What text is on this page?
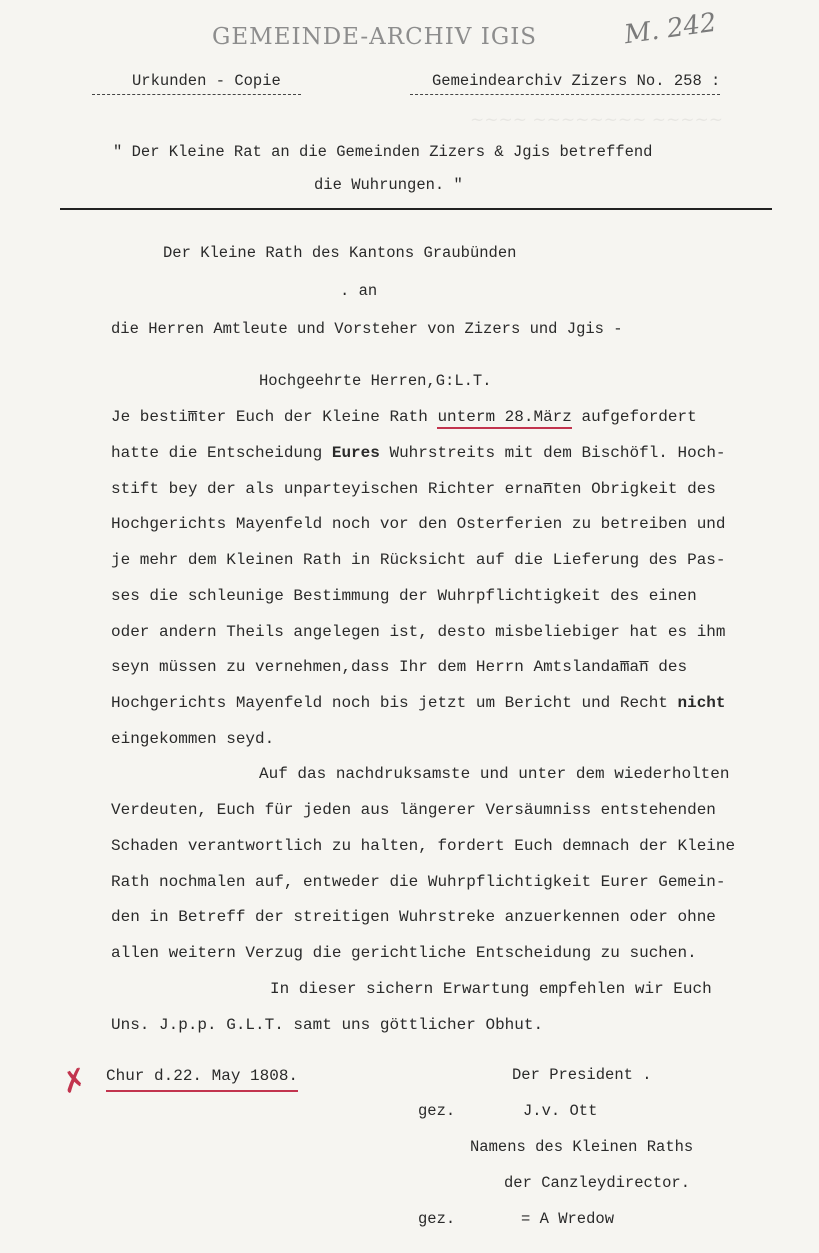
~~~~ ~~~~~~~~ ~~~~~
GEMEINDE-ARCHIV IGIS	M. 242
Urkunden - Copie	Gemeindearchiv Zizers No. 258 :
" Der Kleine Rat an die Gemeinden Zizers & Jgis betreffend
die Wuhrungen. "
Der Kleine Rath des Kantons Graubünden
. an
die Herren Amtleute und Vorsteher von Zizers und Jgis -
Hochgeehrte Herren,G:L.T.
Je bestim̅ter Euch der Kleine Rath unterm 28.März aufgefordert
hatte die Entscheidung Eures Wuhrstreits mit dem Bischöfl. Hoch-
stift bey der als unparteyischen Richter ernan̅ten Obrigkeit des
Hochgerichts Mayenfeld noch vor den Osterferien zu betreiben und
je mehr dem Kleinen Rath in Rücksicht auf die Lieferung des Pas-
ses die schleunige Bestimmung der Wuhrpflichtigkeit des einen
oder andern Theils angelegen ist, desto misbeliebiger hat es ihm
seyn müssen zu vernehmen,dass Ihr dem Herrn Amtslandam̅an̅ des
Hochgerichts Mayenfeld noch bis jetzt um Bericht und Recht nicht
eingekommen seyd.
Auf das nachdruksamste und unter dem wiederholten
Verdeuten, Euch für jeden aus längerer Versäumniss entstehenden
Schaden verantwortlich zu halten, fordert Euch demnach der Kleine
Rath nochmalen auf, entweder die Wuhrpflichtigkeit Eurer Gemein-
den in Betreff der streitigen Wuhrstreke anzuerkennen oder ohne
allen weitern Verzug die gerichtliche Entscheidung zu suchen.
In dieser sichern Erwartung empfehlen wir Euch
Uns. J.p.p. G.L.T. samt uns göttlicher Obhut.
✗ Chur d.22. May 1808.	Der President .
gez.	J.v. Ott
Namens des Kleinen Raths
der Canzleydirector.
gez.	= A Wredow
